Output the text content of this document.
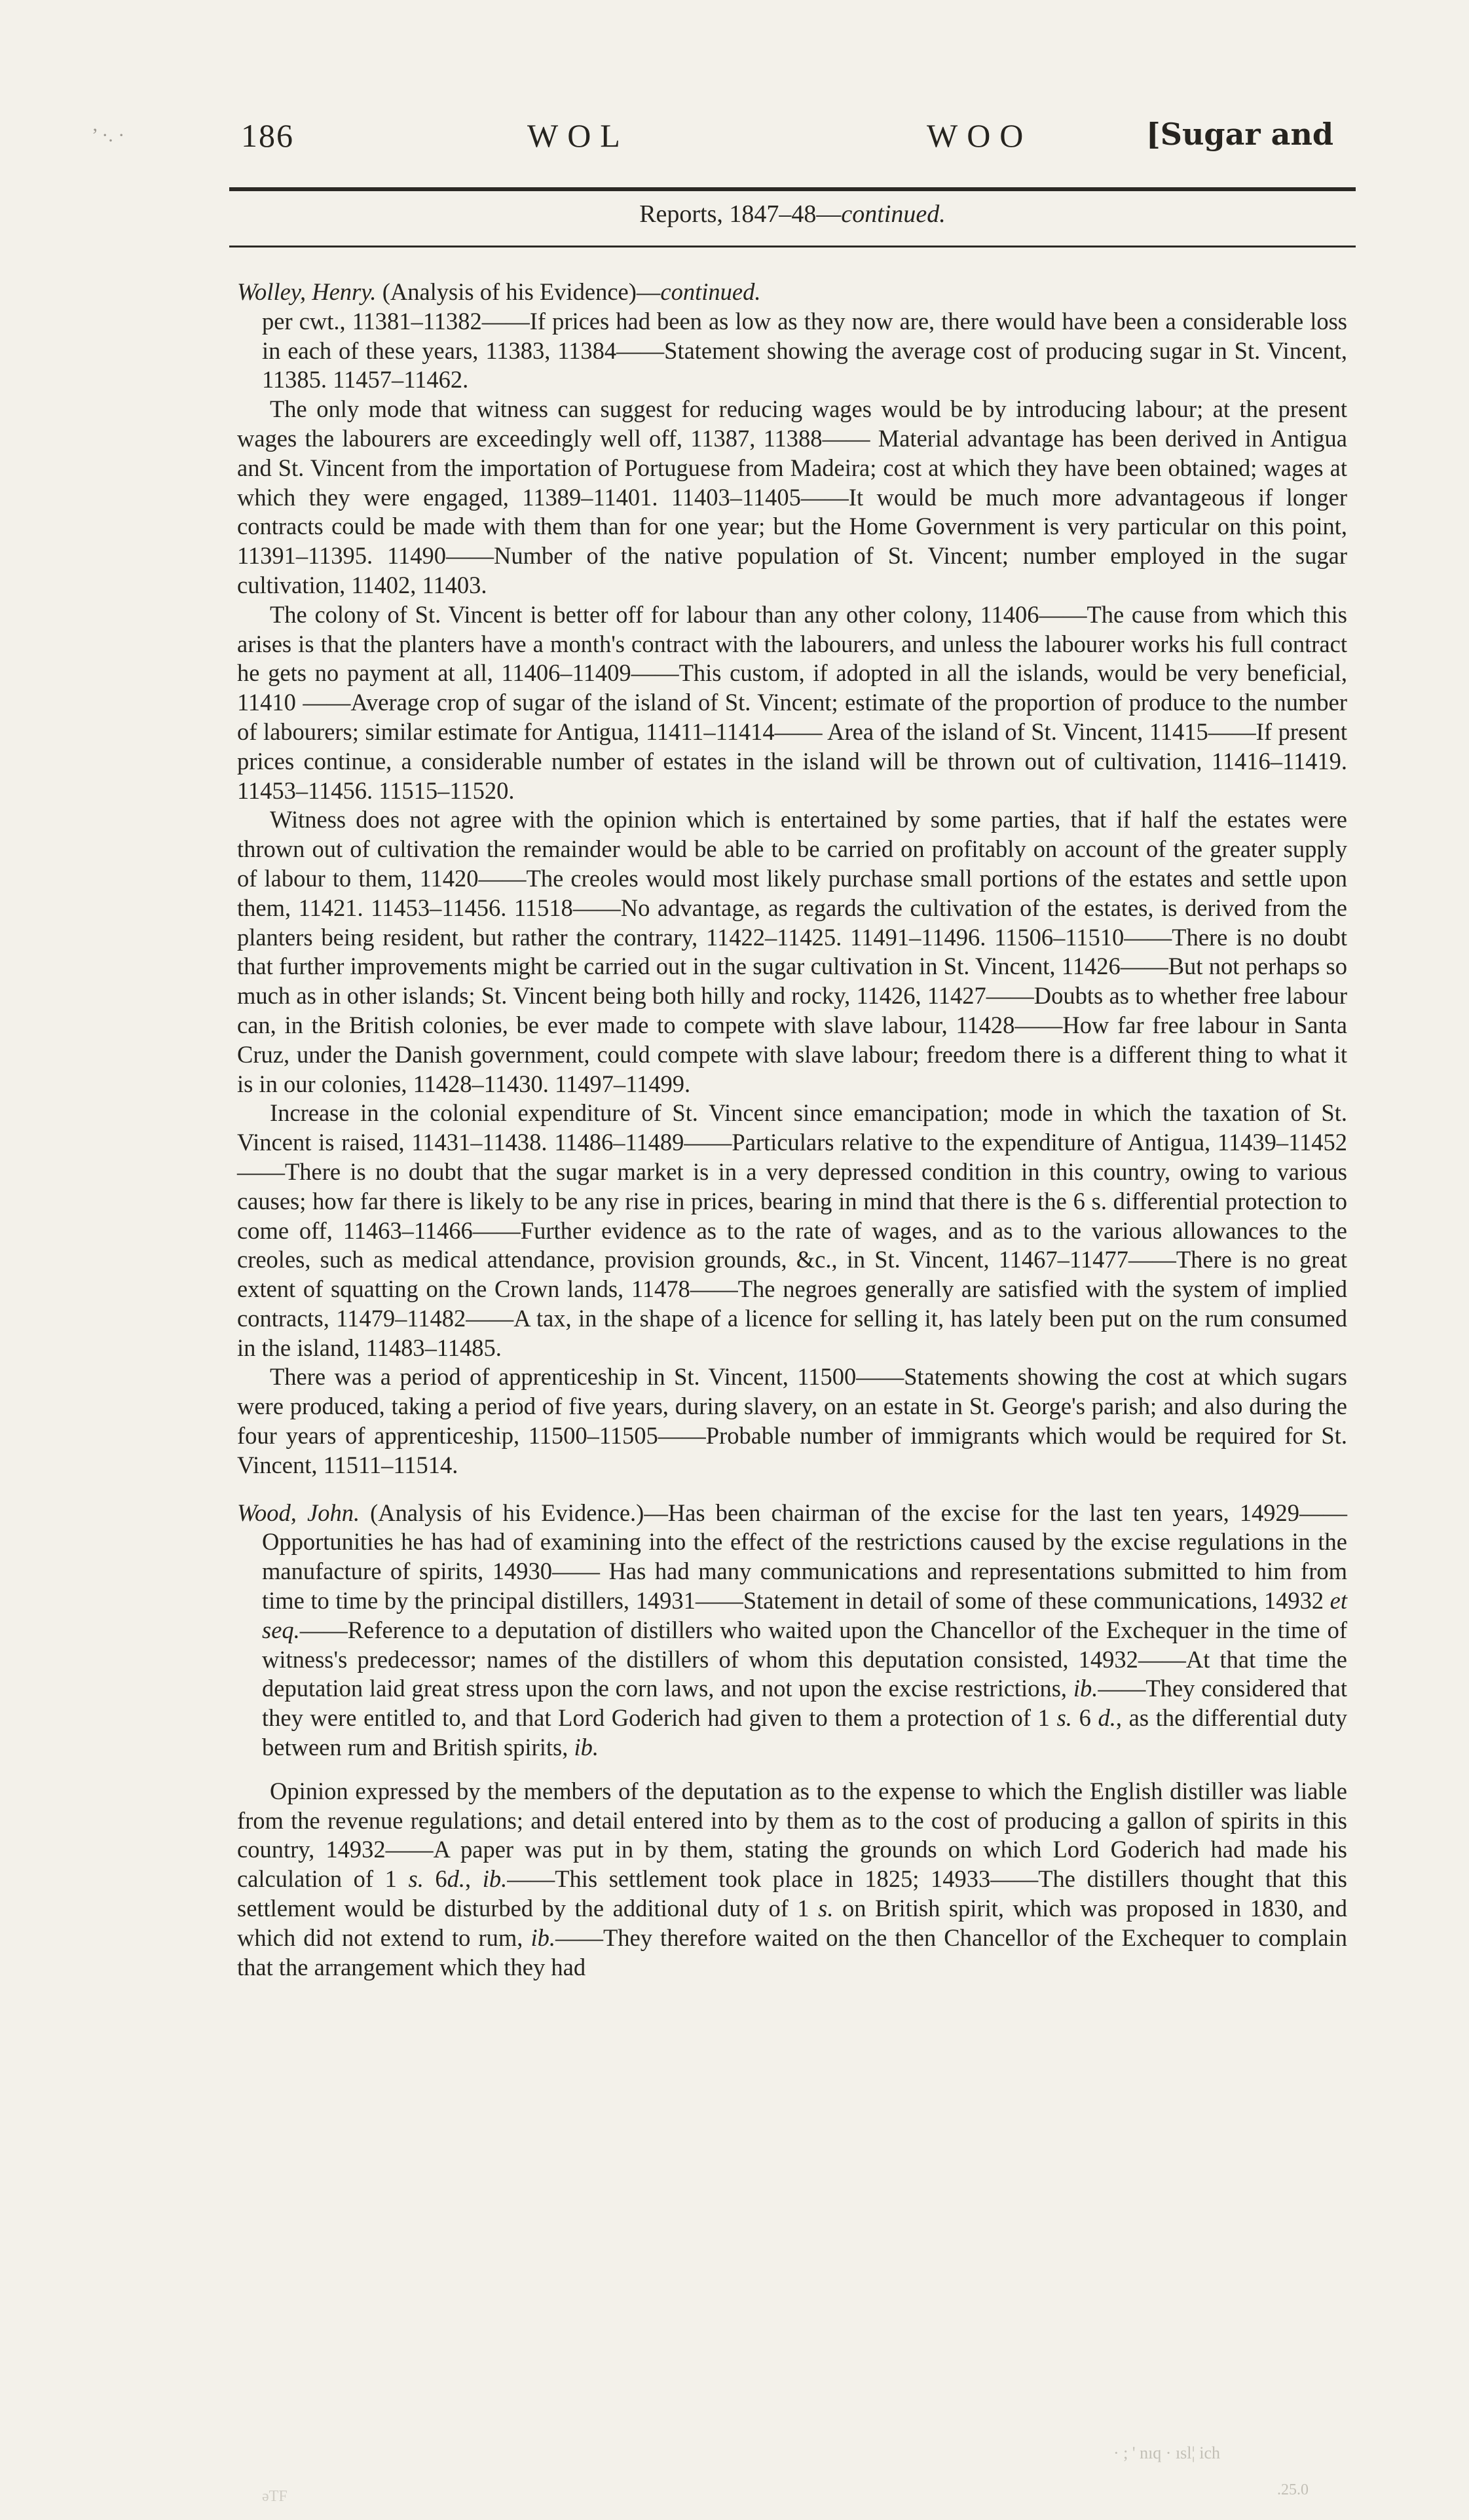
’ ·. ·	186	WOL	WOO	[Sugar and
Reports, 1847–48—continued.

Wolley, Henry. (Analysis of his Evidence)—continued.
per cwt., 11381–11382——If prices had been as low as they now are, there would have been a considerable loss in each of these years, 11383, 11384——Statement showing the average cost of producing sugar in St. Vincent, 11385. 11457–11462.

The only mode that witness can suggest for reducing wages would be by introducing labour; at the present wages the labourers are exceedingly well off, 11387, 11388—— Material advantage has been derived in Antigua and St. Vincent from the importation of Portuguese from Madeira; cost at which they have been obtained; wages at which they were engaged, 11389–11401. 11403–11405——It would be much more advantageous if longer contracts could be made with them than for one year; but the Home Government is very particular on this point, 11391–11395. 11490——Number of the native population of St. Vincent; number employed in the sugar cultivation, 11402, 11403.

The colony of St. Vincent is better off for labour than any other colony, 11406——The cause from which this arises is that the planters have a month's contract with the labourers, and unless the labourer works his full contract he gets no payment at all, 11406–11409——This custom, if adopted in all the islands, would be very beneficial, 11410 ——Average crop of sugar of the island of St. Vincent; estimate of the proportion of produce to the number of labourers; similar estimate for Antigua, 11411–11414—— Area of the island of St. Vincent, 11415——If present prices continue, a considerable number of estates in the island will be thrown out of cultivation, 11416–11419. 11453–11456. 11515–11520.

Witness does not agree with the opinion which is entertained by some parties, that if half the estates were thrown out of cultivation the remainder would be able to be carried on profitably on account of the greater supply of labour to them, 11420——The creoles would most likely purchase small portions of the estates and settle upon them, 11421. 11453–11456. 11518——No advantage, as regards the cultivation of the estates, is derived from the planters being resident, but rather the contrary, 11422–11425. 11491–11496. 11506–11510——There is no doubt that further improvements might be carried out in the sugar cultivation in St. Vincent, 11426——But not perhaps so much as in other islands; St. Vincent being both hilly and rocky, 11426, 11427——Doubts as to whether free labour can, in the British colonies, be ever made to compete with slave labour, 11428——How far free labour in Santa Cruz, under the Danish government, could compete with slave labour; freedom there is a different thing to what it is in our colonies, 11428–11430. 11497–11499.

Increase in the colonial expenditure of St. Vincent since emancipation; mode in which the taxation of St. Vincent is raised, 11431–11438. 11486–11489——Particulars relative to the expenditure of Antigua, 11439–11452——There is no doubt that the sugar market is in a very depressed condition in this country, owing to various causes; how far there is likely to be any rise in prices, bearing in mind that there is the 6 s. differential protection to come off, 11463–11466——Further evidence as to the rate of wages, and as to the various allowances to the creoles, such as medical attendance, provision grounds, &c., in St. Vincent, 11467–11477——There is no great extent of squatting on the Crown lands, 11478——The negroes generally are satisfied with the system of implied contracts, 11479–11482——A tax, in the shape of a licence for selling it, has lately been put on the rum consumed in the island, 11483–11485.

There was a period of apprenticeship in St. Vincent, 11500——Statements showing the cost at which sugars were produced, taking a period of five years, during slavery, on an estate in St. George's parish; and also during the four years of apprenticeship, 11500–11505——Probable number of immigrants which would be required for St. Vincent, 11511–11514.

Wood, John. (Analysis of his Evidence.)—Has been chairman of the excise for the last ten years, 14929——Opportunities he has had of examining into the effect of the restrictions caused by the excise regulations in the manufacture of spirits, 14930—— Has had many communications and representations submitted to him from time to time by the principal distillers, 14931——Statement in detail of some of these communications, 14932 et seq.——Reference to a deputation of distillers who waited upon the Chancellor of the Exchequer in the time of witness's predecessor; names of the distillers of whom this deputation consisted, 14932——At that time the deputation laid great stress upon the corn laws, and not upon the excise restrictions, ib.——They considered that they were entitled to, and that Lord Goderich had given to them a protection of 1 s. 6 d., as the differential duty between rum and British spirits, ib.

Opinion expressed by the members of the deputation as to the expense to which the English distiller was liable from the revenue regulations; and detail entered into by them as to the cost of producing a gallon of spirits in this country, 14932——A paper was put in by them, stating the grounds on which Lord Goderich had made his calculation of 1 s. 6d., ib.——This settlement took place in 1825; 14933——The distillers thought that this settlement would be disturbed by the additional duty of 1 s. on British spirit, which was proposed in 1830, and which did not extend to rum, ib.——They therefore waited on the then Chancellor of the Exchequer to complain that the arrangement which they had

· ; ' nıq · ısl¦ ich
.25.0
əTF
